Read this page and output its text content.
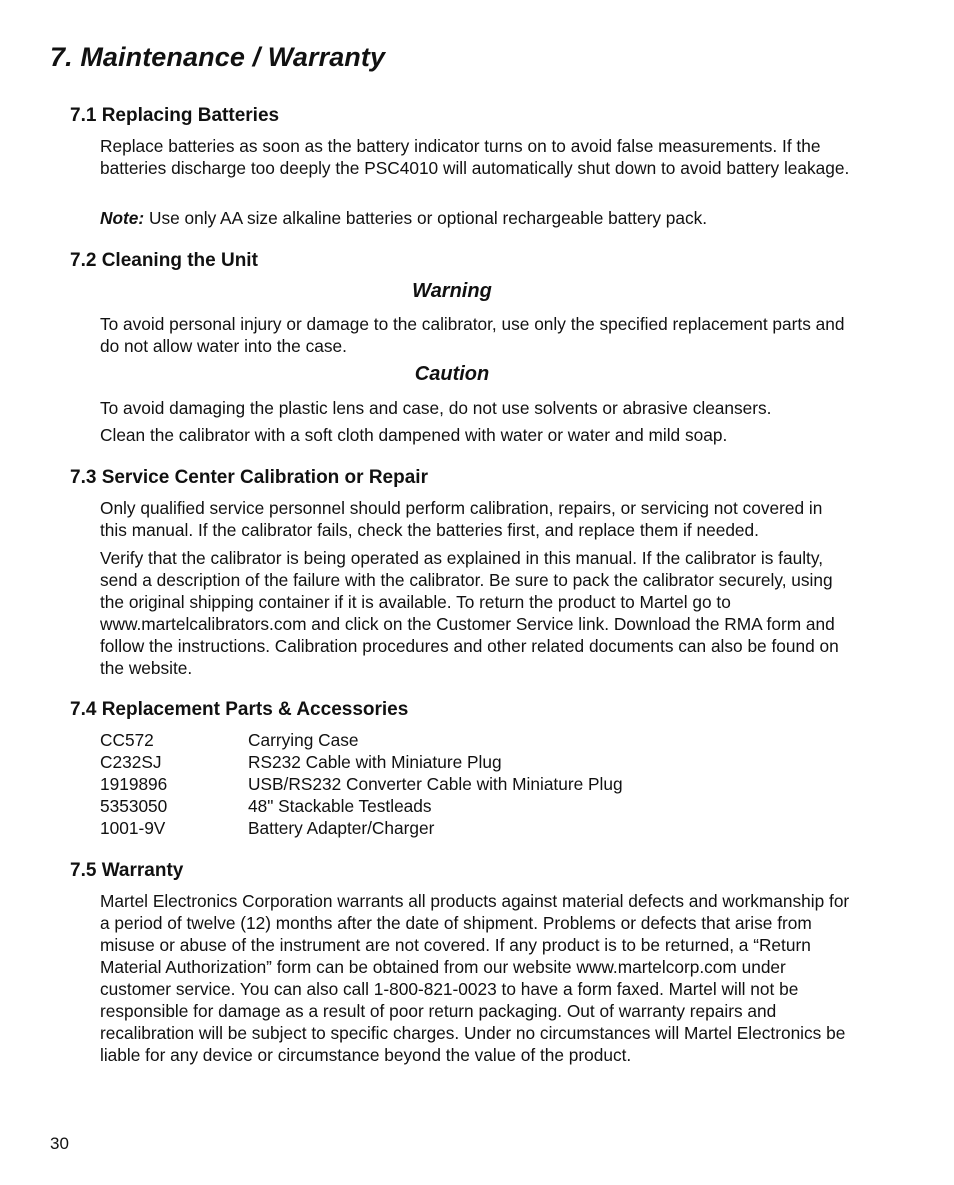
7. Maintenance / Warranty
7.1 Replacing Batteries

Replace batteries as soon as the battery indicator turns on to avoid false measurements. If the batteries discharge too deeply the PSC4010 will automatically shut down to avoid battery leakage.

Note: Use only AA size alkaline batteries or optional rechargeable battery pack.

7.2 Cleaning the Unit

Warning

To avoid personal injury or damage to the calibrator, use only the specified replacement parts and do not allow water into the case.

Caution

To avoid damaging the plastic lens and case, do not use solvents or abrasive cleansers.

Clean the calibrator with a soft cloth dampened with water or water and mild soap.

7.3 Service Center Calibration or Repair

Only qualified service personnel should perform calibration, repairs, or servicing not covered in this manual. If the calibrator fails, check the batteries first, and replace them if needed.

Verify that the calibrator is being operated as explained in this manual. If the calibrator is faulty, send a description of the failure with the calibrator. Be sure to pack the calibrator securely, using the original shipping container if it is available. To return the product to Martel go to www.martelcalibrators.com and click on the Customer Service link. Download the RMA form and follow the instructions. Calibration procedures and other related documents can also be found on the website.

7.4 Replacement Parts & Accessories
CC572	Carrying Case
C232SJ	RS232 Cable with Miniature Plug
1919896	USB/RS232 Converter Cable with Miniature Plug
5353050	48" Stackable Testleads
1001-9V	Battery Adapter/Charger
7.5 Warranty

Martel Electronics Corporation warrants all products against material defects and workmanship for a period of twelve (12) months after the date of shipment. Problems or defects that arise from misuse or abuse of the instrument are not covered. If any product is to be returned, a “Return Material Authorization” form can be obtained from our website www.martelcorp.com under customer service. You can also call 1-800-821-0023 to have a form faxed. Martel will not be responsible for damage as a result of poor return packaging. Out of warranty repairs and recalibration will be subject to specific charges. Under no circumstances will Martel Electronics be liable for any device or circumstance beyond the value of the product.

30
